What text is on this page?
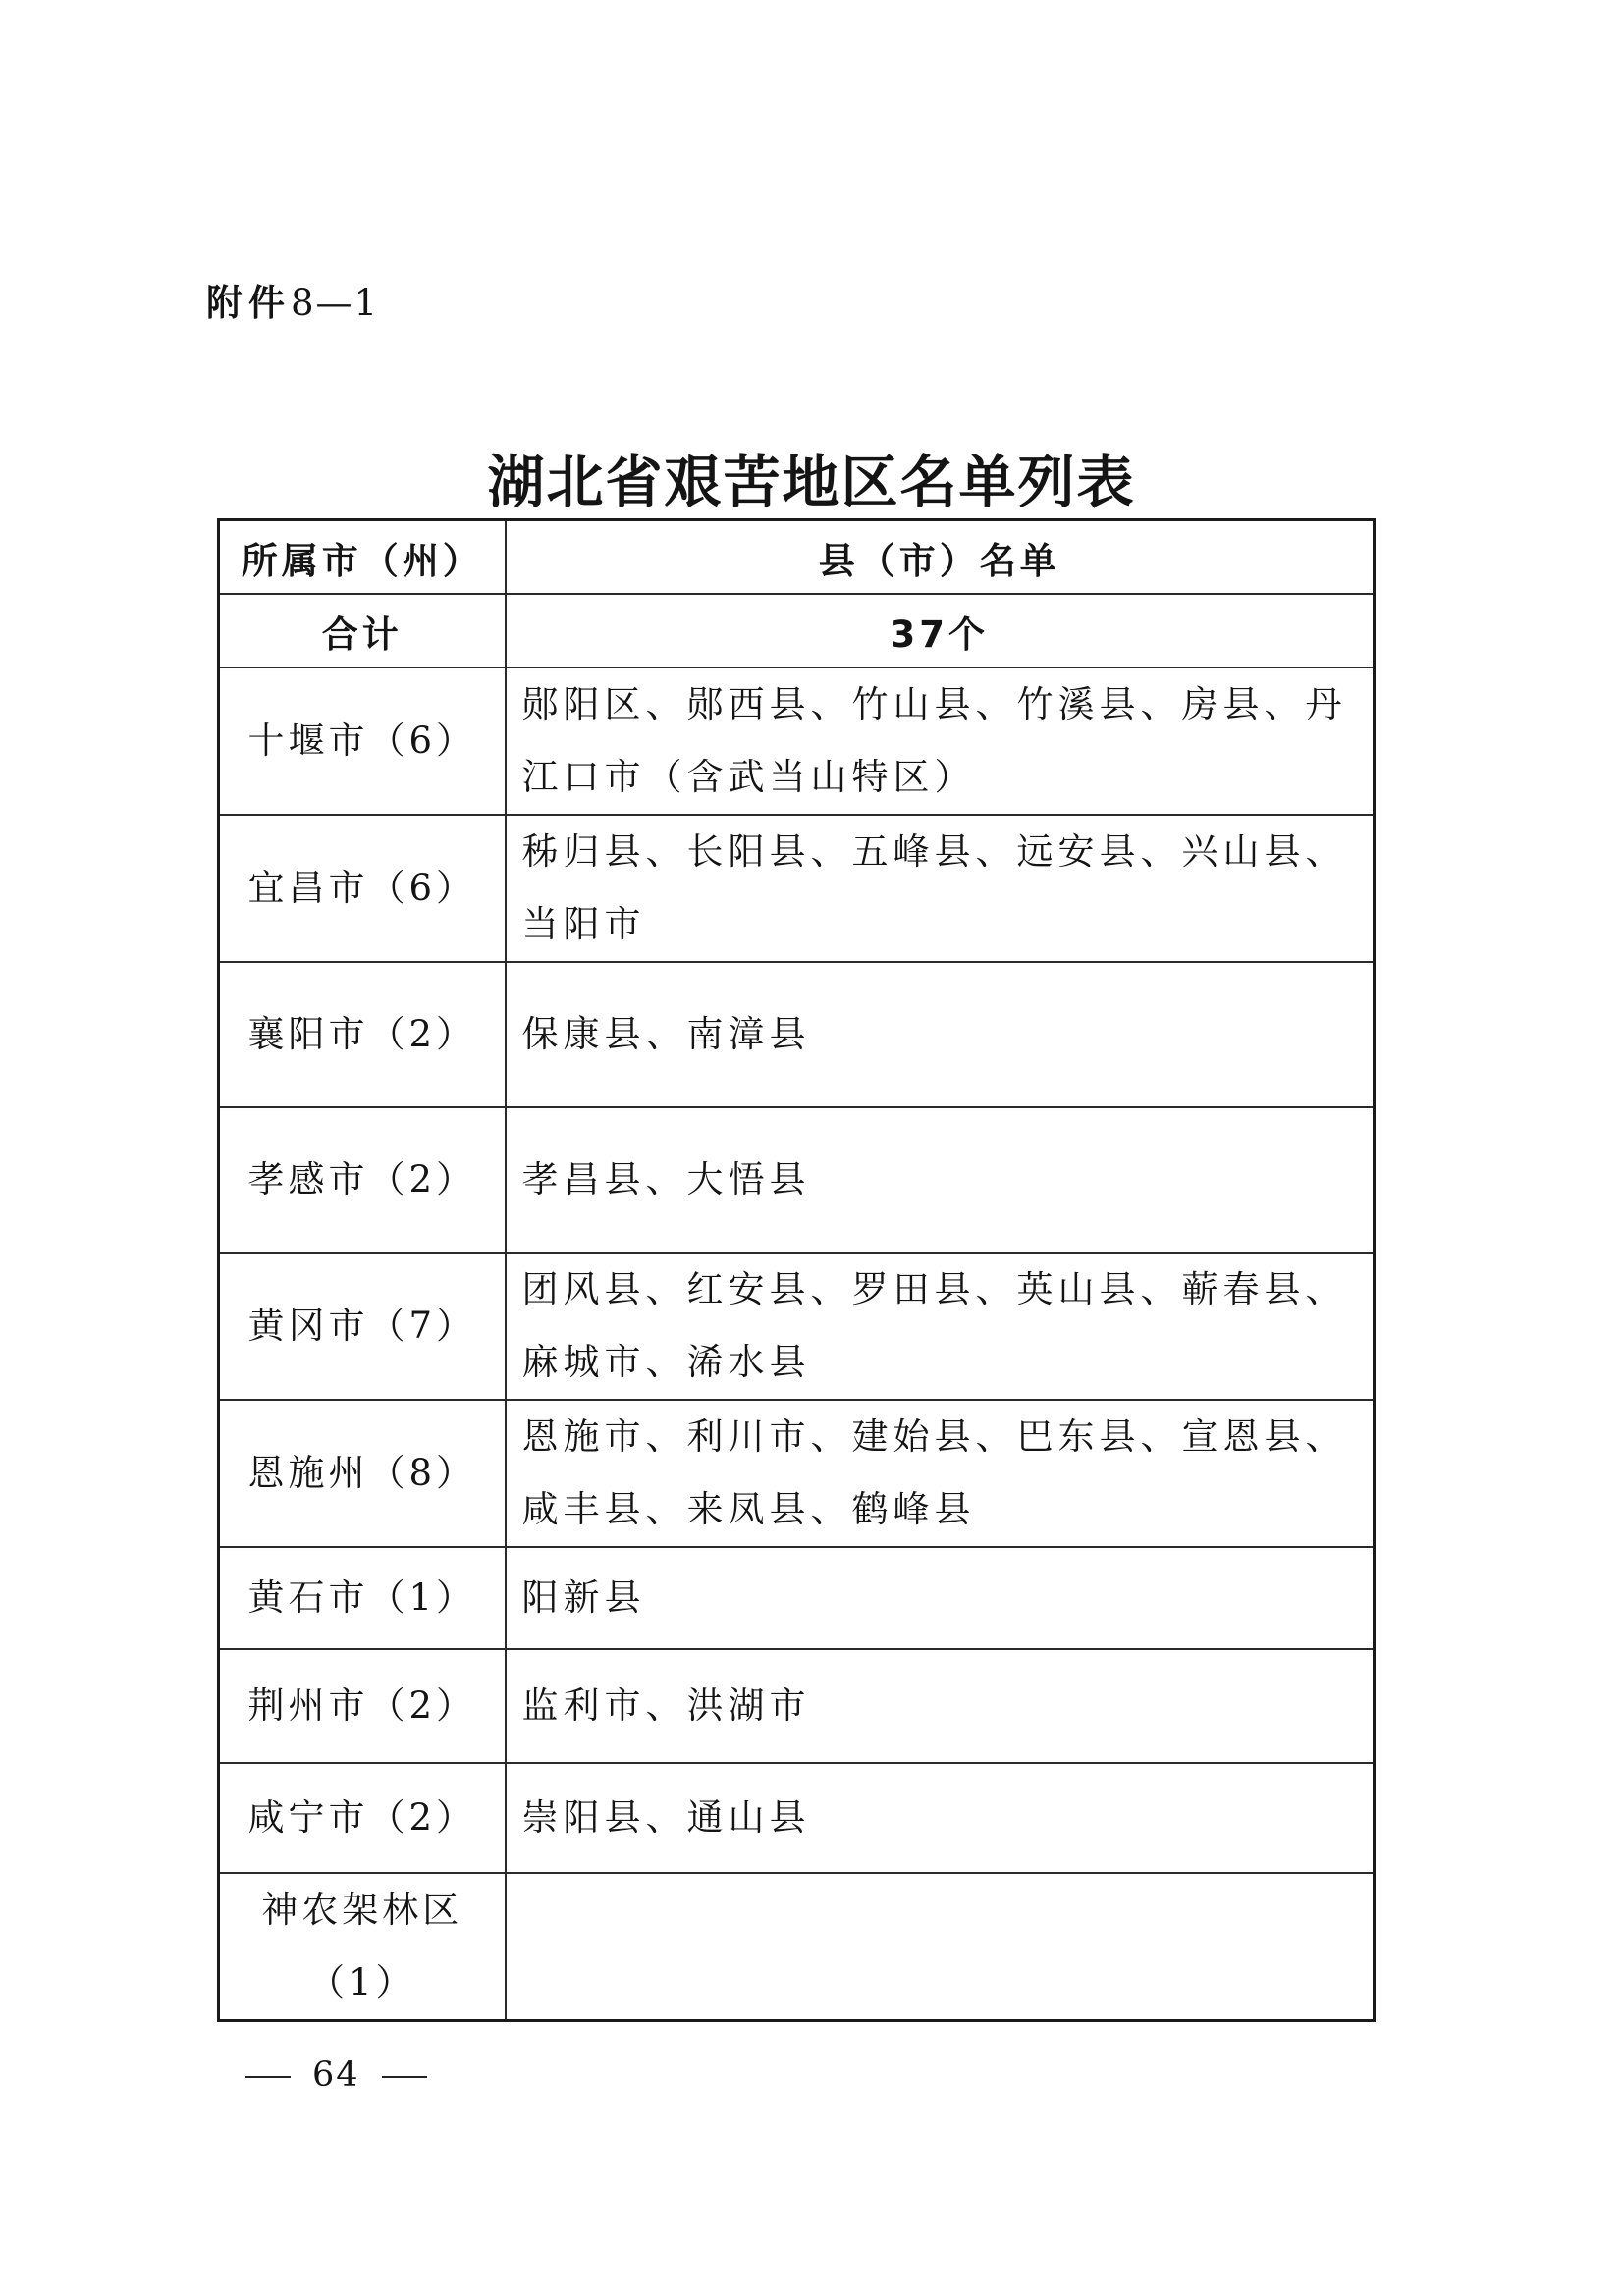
附件8—1
湖北省艰苦地区名单列表
所属市（州）	县（市）名单
合计	37个
十堰市（6）	郧阳区、郧西县、竹山县、竹溪县、房县、丹江口市（含武当山特区）
宜昌市（6）	秭归县、长阳县、五峰县、远安县、兴山县、当阳市
襄阳市（2）	保康县、南漳县
孝感市（2）	孝昌县、大悟县
黄冈市（7）	团风县、红安县、罗田县、英山县、蕲春县、麻城市、浠水县
恩施州（8）	恩施市、利川市、建始县、巴东县、宣恩县、咸丰县、来凤县、鹤峰县
黄石市（1）	阳新县
荆州市（2）	监利市、洪湖市
咸宁市（2）	崇阳县、通山县
神农架林区（1）	
64
